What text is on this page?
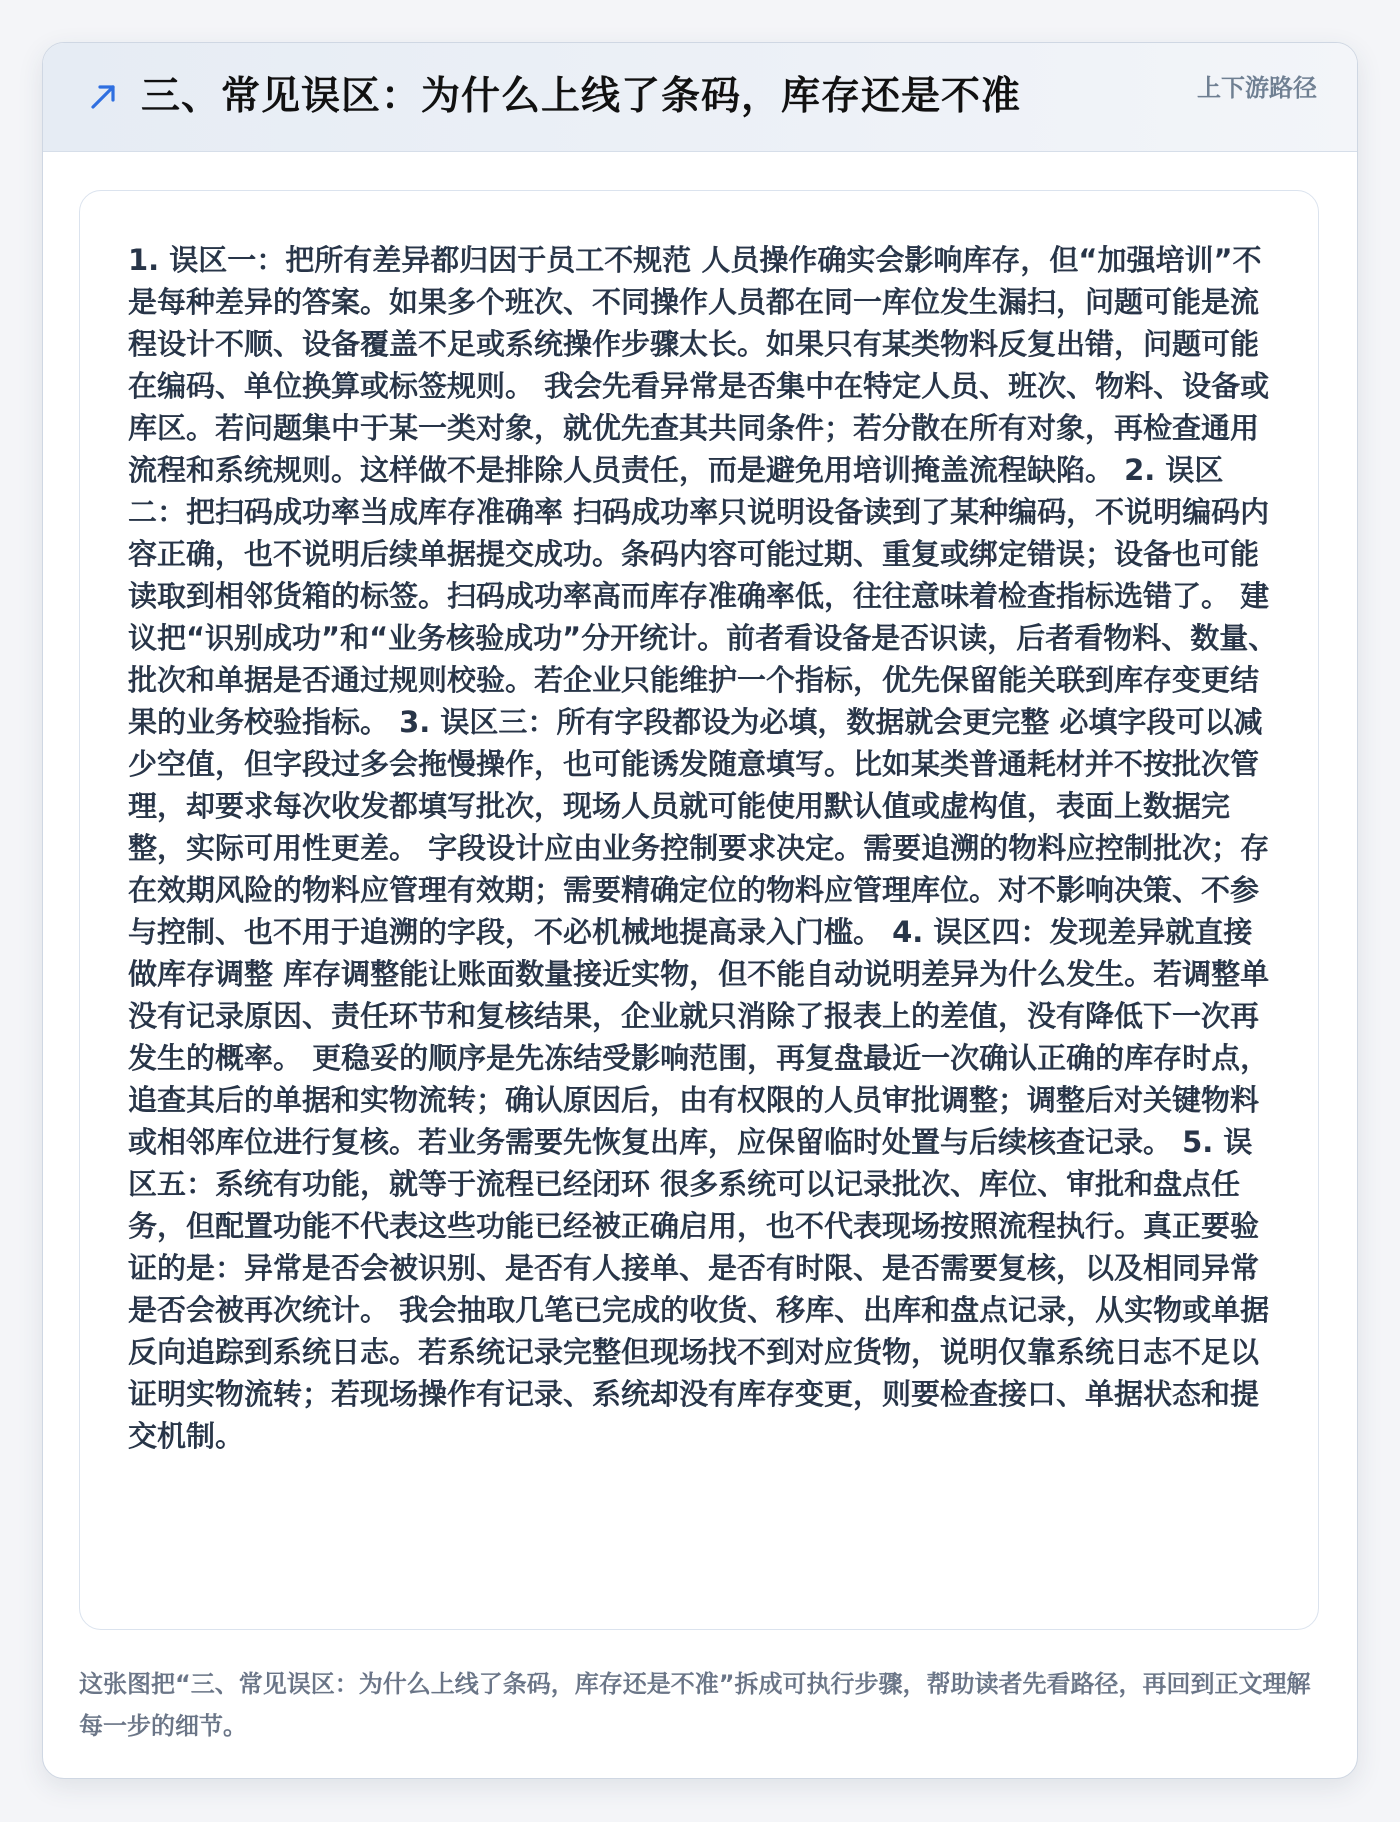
三、常见误区：为什么上线了条码，库存还是不准	上下游路径

1. 误区一：把所有差异都归因于员工不规范 人员操作确实会影响库存，但“加强培训”不是每种差异的答案。如果多个班次、不同操作人员都在同一库位发生漏扫，问题可能是流程设计不顺、设备覆盖不足或系统操作步骤太长。如果只有某类物料反复出错，问题可能在编码、单位换算或标签规则。 我会先看异常是否集中在特定人员、班次、物料、设备或库区。若问题集中于某一类对象，就优先查其共同条件；若分散在所有对象，再检查通用流程和系统规则。这样做不是排除人员责任，而是避免用培训掩盖流程缺陷。 2. 误区二：把扫码成功率当成库存准确率 扫码成功率只说明设备读到了某种编码，不说明编码内容正确，也不说明后续单据提交成功。条码内容可能过期、重复或绑定错误；设备也可能读取到相邻货箱的标签。扫码成功率高而库存准确率低，往往意味着检查指标选错了。 建议把“识别成功”和“业务核验成功”分开统计。前者看设备是否识读，后者看物料、数量、批次和单据是否通过规则校验。若企业只能维护一个指标，优先保留能关联到库存变更结果的业务校验指标。 3. 误区三：所有字段都设为必填，数据就会更完整 必填字段可以减少空值，但字段过多会拖慢操作，也可能诱发随意填写。比如某类普通耗材并不按批次管理，却要求每次收发都填写批次，现场人员就可能使用默认值或虚构值，表面上数据完整，实际可用性更差。 字段设计应由业务控制要求决定。需要追溯的物料应控制批次；存在效期风险的物料应管理有效期；需要精确定位的物料应管理库位。对不影响决策、不参与控制、也不用于追溯的字段，不必机械地提高录入门槛。 4. 误区四：发现差异就直接做库存调整 库存调整能让账面数量接近实物，但不能自动说明差异为什么发生。若调整单没有记录原因、责任环节和复核结果，企业就只消除了报表上的差值，没有降低下一次再发生的概率。 更稳妥的顺序是先冻结受影响范围，再复盘最近一次确认正确的库存时点，追查其后的单据和实物流转；确认原因后，由有权限的人员审批调整；调整后对关键物料或相邻库位进行复核。若业务需要先恢复出库，应保留临时处置与后续核查记录。 5. 误区五：系统有功能，就等于流程已经闭环 很多系统可以记录批次、库位、审批和盘点任务，但配置功能不代表这些功能已经被正确启用，也不代表现场按照流程执行。真正要验证的是：异常是否会被识别、是否有人接单、是否有时限、是否需要复核，以及相同异常是否会被再次统计。 我会抽取几笔已完成的收货、移库、出库和盘点记录，从实物或单据反向追踪到系统日志。若系统记录完整但现场找不到对应货物，说明仅靠系统日志不足以证明实物流转；若现场操作有记录、系统却没有库存变更，则要检查接口、单据状态和提交机制。

这张图把“三、常见误区：为什么上线了条码，库存还是不准”拆成可执行步骤，帮助读者先看路径，再回到正文理解每一步的细节。
